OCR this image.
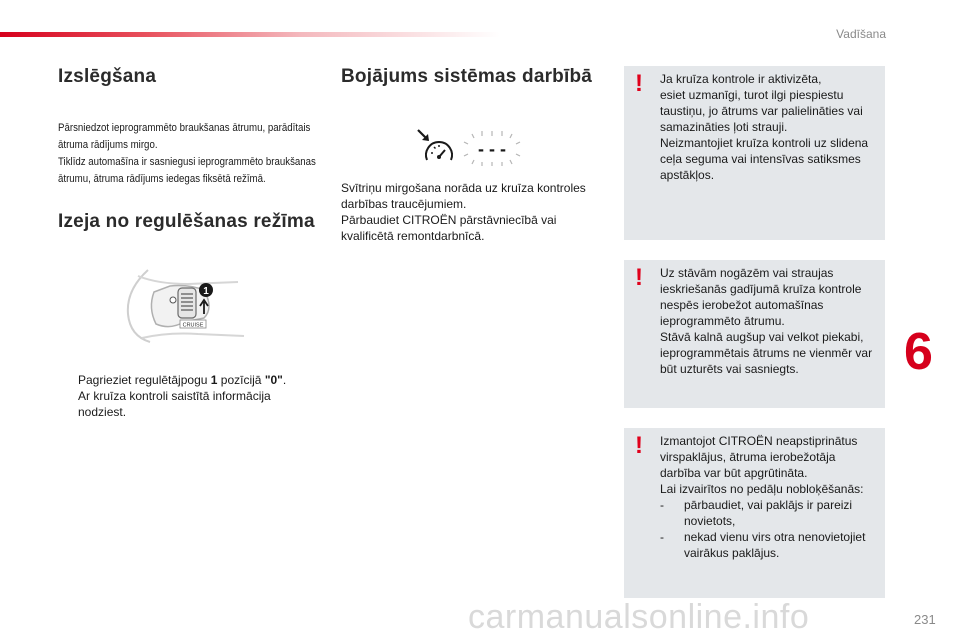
Vadīšana
Izslēgšana

Pārsniedzot ieprogrammēto braukšanas ātrumu, parādītais

ātruma rādījums mirgo.

Tiklīdz automašīna ir sasniegusi ieprogrammēto braukšanas

ātrumu, ātruma rādījums iedegas fiksētā režīmā.

Izeja no regulēšanas režīma
1
CRUISE
Pagrieziet regulētājpogu 1 pozīcijā "0".
Ar kruīza kontroli saistītā informācija
nodziest.
Bojājums sistēmas darbībā
- - -

Svītriņu mirgošana norāda uz kruīza kontroles

darbības traucējumiem.

Pārbaudiet CITROËN pārstāvniecībā vai

kvalificētā remontdarbnīcā.

! Ja kruīza kontrole ir aktivizēta,

esiet uzmanīgi, turot ilgi piespiestu

taustiņu, jo ātrums var palielināties vai

samazināties ļoti strauji.

Neizmantojiet kruīza kontroli uz slidena

ceļa seguma vai intensīvas satiksmes

apstākļos.

! Uz stāvām nogāzēm vai straujas

ieskriešanās gadījumā kruīza kontrole

nespēs ierobežot automašīnas

ieprogrammēto ātrumu.

Stāvā kalnā augšup vai velkot piekabi,

ieprogrammētais ātrums ne vienmēr var

būt uzturēts vai sasniegts.

! Izmantojot CITROËN neapstiprinātus

virspaklājus, ātruma ierobežotāja

darbība var būt apgrūtināta.

Lai izvairītos no pedāļu nobloķēšanās:

-	pārbaudiet, vai paklājs ir pareizi

novietots,

-	nekad vienu virs otra nenovietojiet

vairākus paklājus.

6
carmanualsonline.info	231
